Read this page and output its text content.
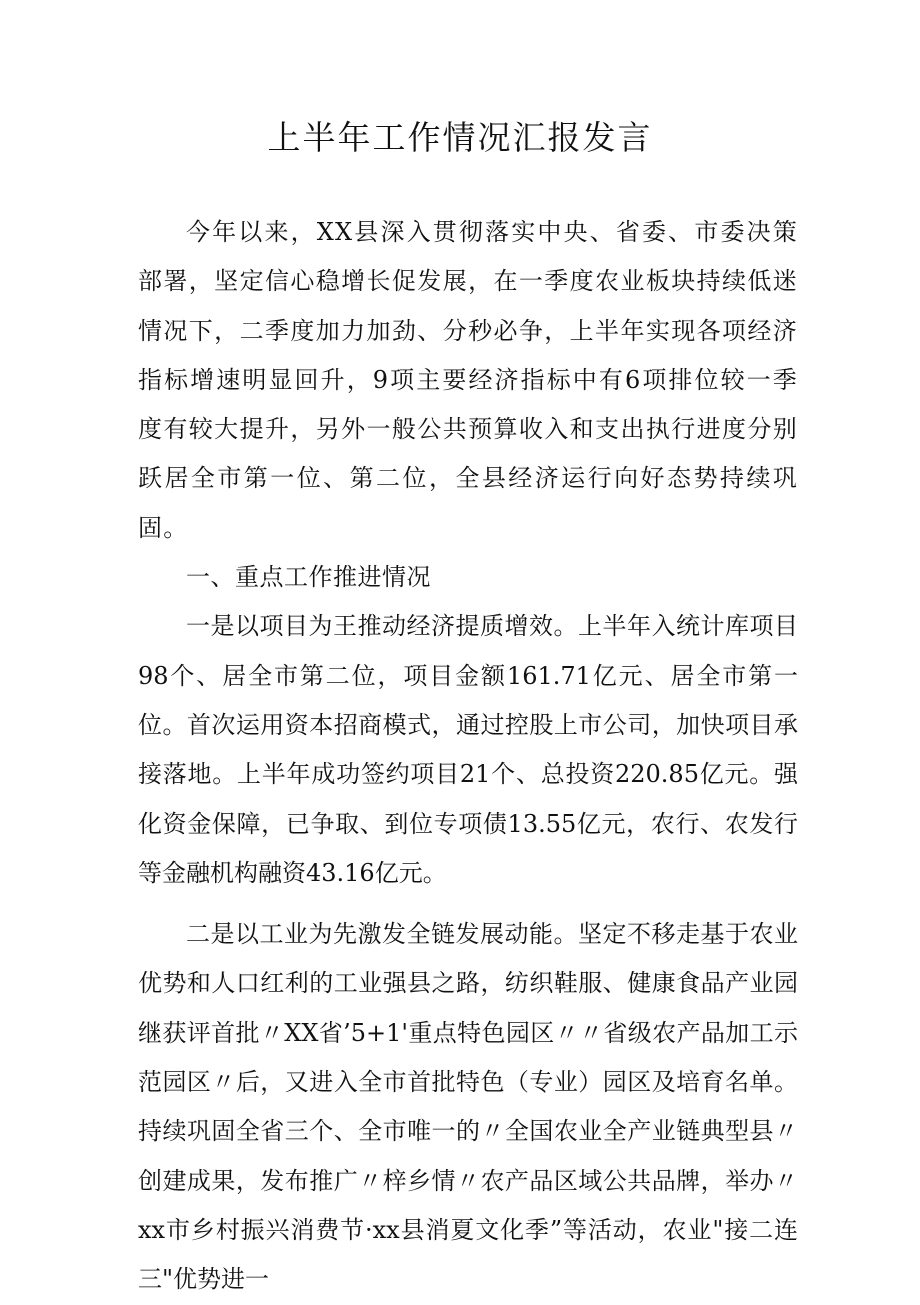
上半年工作情况汇报发言

今年以来，XX县深入贯彻落实中央、省委、市委决策部署，坚定信心稳增长促发展，在一季度农业板块持续低迷情况下，二季度加力加劲、分秒必争，上半年实现各项经济指标增速明显回升，9项主要经济指标中有6项排位较一季度有较大提升，另外一般公共预算收入和支出执行进度分别跃居全市第一位、第二位，全县经济运行向好态势持续巩固。

一、重点工作推进情况

一是以项目为王推动经济提质增效。上半年入统计库项目98个、居全市第二位，项目金额161.71亿元、居全市第一位。首次运用资本招商模式，通过控股上市公司，加快项目承接落地。上半年成功签约项目21个、总投资220.85亿元。强化资金保障，已争取、到位专项债13.55亿元，农行、农发行等金融机构融资43.16亿元。

二是以工业为先激发全链发展动能。坚定不移走基于农业优势和人口红利的工业强县之路，纺织鞋服、健康食品产业园继获评首批〃XX省’5+1'重点特色园区〃〃省级农产品加工示范园区〃后，又进入全市首批特色（专业）园区及培育名单。持续巩固全省三个、全市唯一的〃全国农业全产业链典型县〃创建成果，发布推广〃梓乡情〃农产品区域公共品牌，举办〃xx市乡村振兴消费节·xx县消夏文化季”等活动，农业"接二连三"优势进一
